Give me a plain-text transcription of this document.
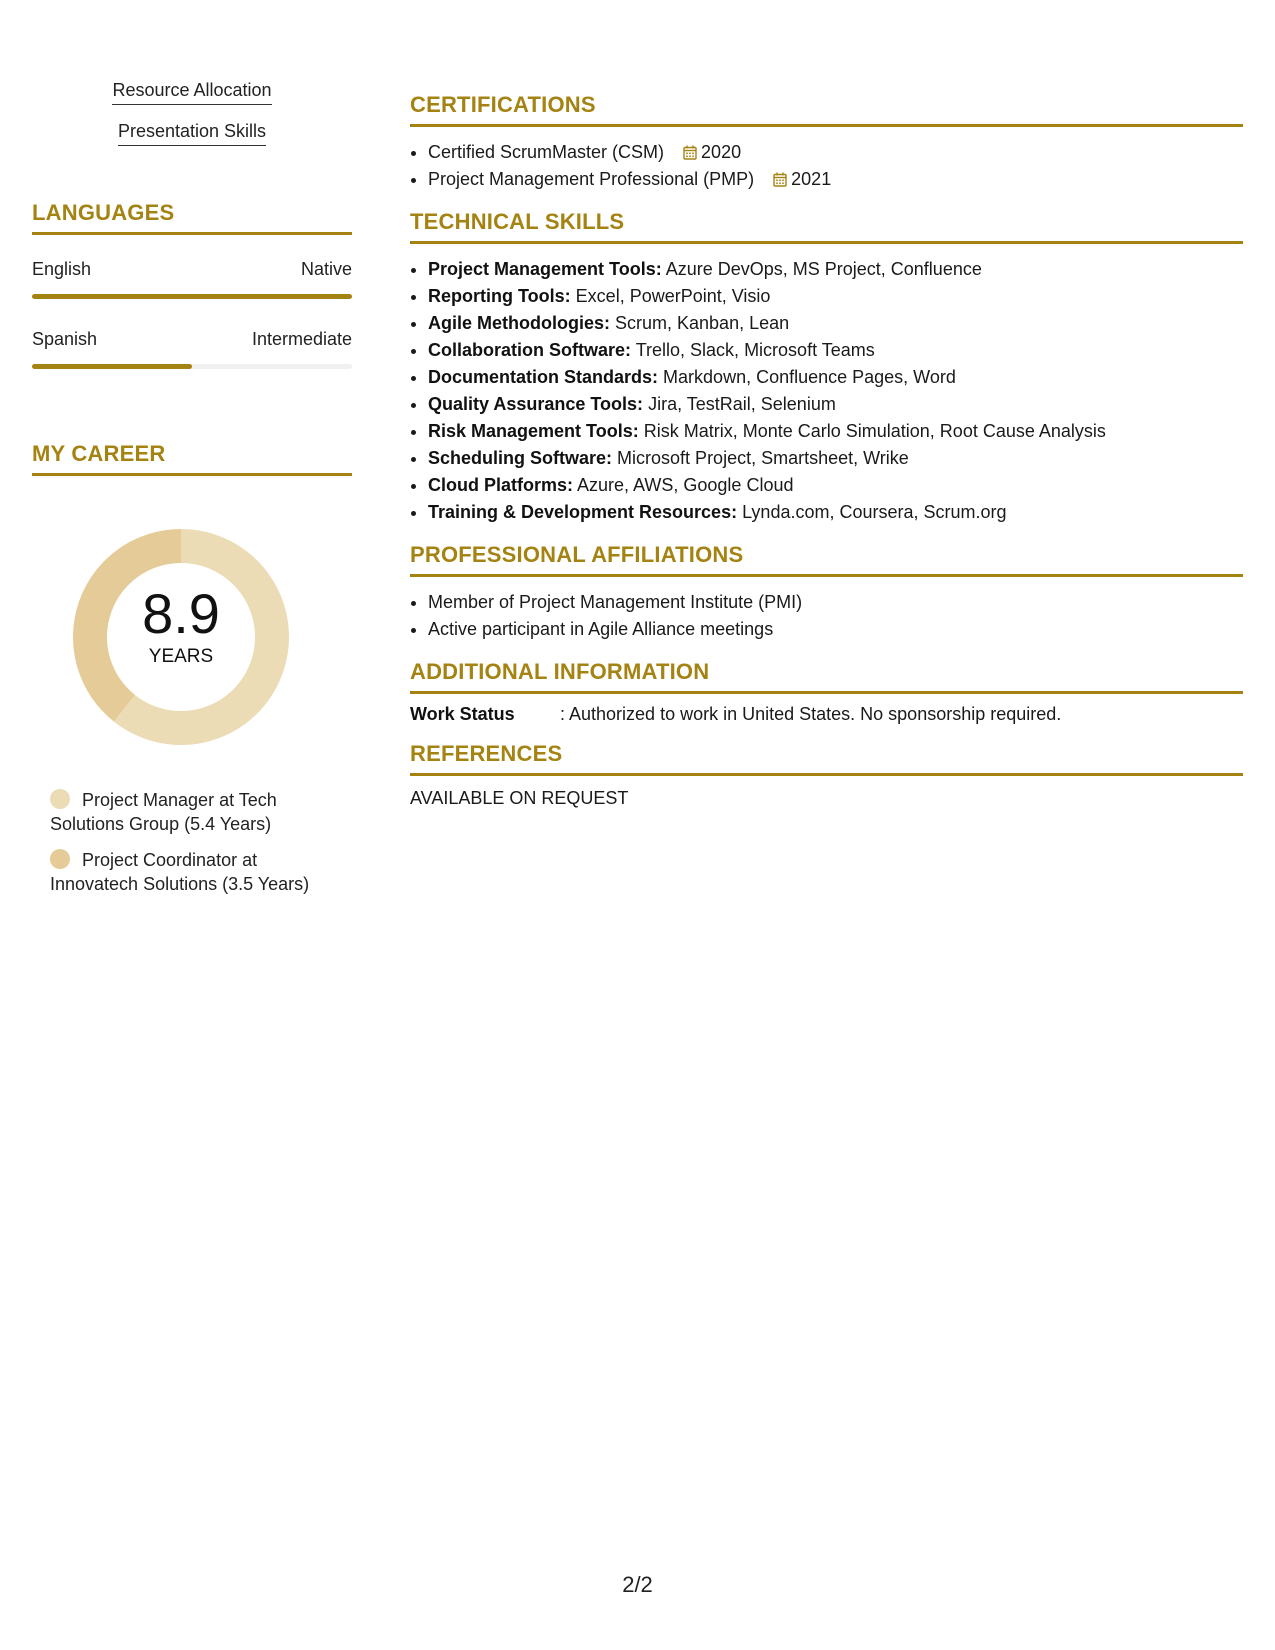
Resource Allocation
Presentation Skills
LANGUAGES
English	Native
Spanish	Intermediate
MY CAREER
8.9
YEARS
Project Manager at Tech Solutions Group (5.4 Years)
Project Coordinator at Innovatech Solutions (3.5 Years)
CERTIFICATIONS
• Certified ScrumMaster (CSM) 2020
• Project Management Professional (PMP) 2021
TECHNICAL SKILLS
• Project Management Tools: Azure DevOps, MS Project, Confluence
• Reporting Tools: Excel, PowerPoint, Visio
• Agile Methodologies: Scrum, Kanban, Lean
• Collaboration Software: Trello, Slack, Microsoft Teams
• Documentation Standards: Markdown, Confluence Pages, Word
• Quality Assurance Tools: Jira, TestRail, Selenium
• Risk Management Tools: Risk Matrix, Monte Carlo Simulation, Root Cause Analysis
• Scheduling Software: Microsoft Project, Smartsheet, Wrike
• Cloud Platforms: Azure, AWS, Google Cloud
• Training & Development Resources: Lynda.com, Coursera, Scrum.org
PROFESSIONAL AFFILIATIONS
• Member of Project Management Institute (PMI)
• Active participant in Agile Alliance meetings
ADDITIONAL INFORMATION
Work Status	: Authorized to work in United States. No sponsorship required.
REFERENCES
AVAILABLE ON REQUEST
2/2
